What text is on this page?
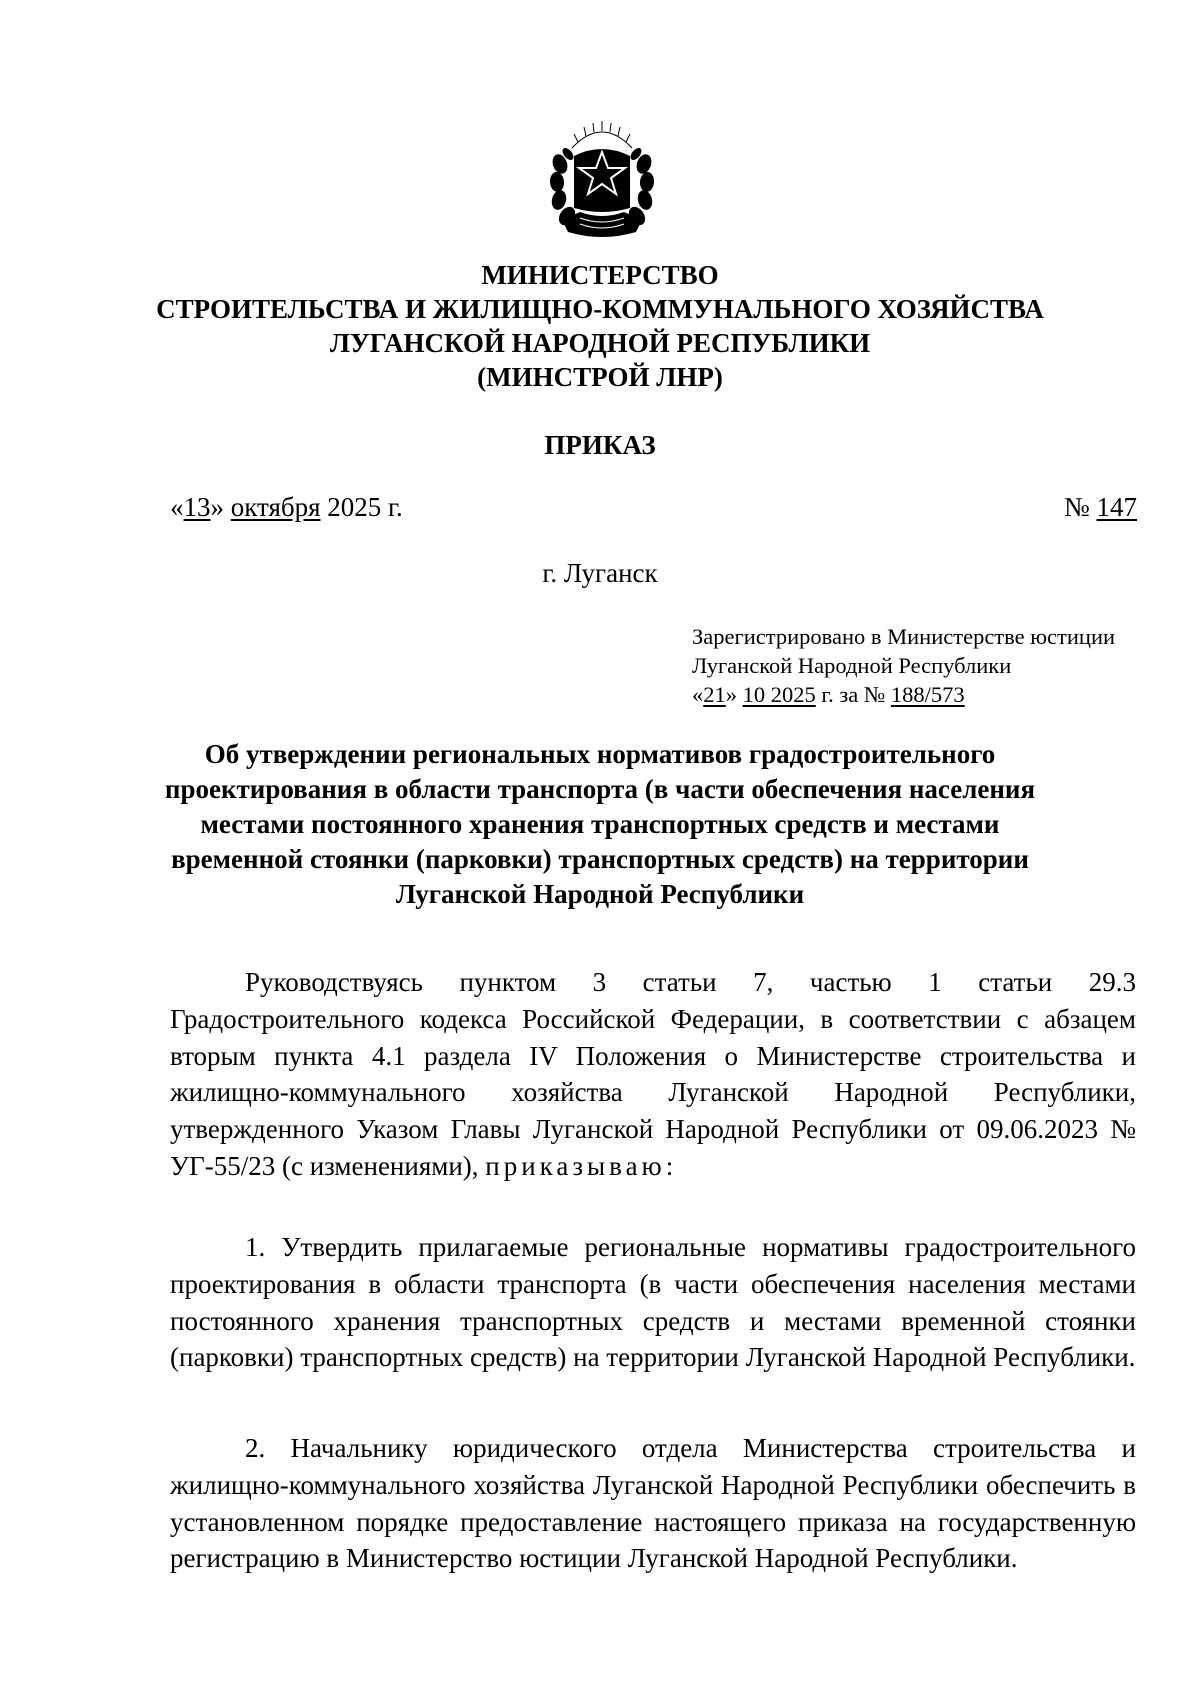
МИНИСТЕРСТВО
СТРОИТЕЛЬСТВА И ЖИЛИЩНО-КОММУНАЛЬНОГО ХОЗЯЙСТВА
ЛУГАНСКОЙ НАРОДНОЙ РЕСПУБЛИКИ
(МИНСТРОЙ ЛНР)
ПРИКАЗ
«13» октября 2025 г.	№ 147
г. Луганск
Зарегистрировано в Министерстве юстиции
Луганской Народной Республики
«21» 10 2025 г. за № 188/573
Об утверждении региональных нормативов градостроительного
проектирования в области транспорта (в части обеспечения населения
местами постоянного хранения транспортных средств и местами
временной стоянки (парковки) транспортных средств) на территории
Луганской Народной Республики

Руководствуясь пунктом 3 статьи 7, частью 1 статьи 29.3 Градостроительного кодекса Российской Федерации, в соответствии с абзацем вторым пункта 4.1 раздела IV Положения о Министерстве строительства и жилищно-коммунального хозяйства Луганской Народной Республики, утвержденного Указом Главы Луганской Народной Республики от 09.06.2023 № УГ-55/23 (с изменениями), приказываю:

1. Утвердить прилагаемые региональные нормативы градостроительного проектирования в области транспорта (в части обеспечения населения местами постоянного хранения транспортных средств и местами временной стоянки (парковки) транспортных средств) на территории Луганской Народной Республики.

2. Начальнику юридического отдела Министерства строительства и жилищно-коммунального хозяйства Луганской Народной Республики обеспечить в установленном порядке предоставление настоящего приказа на государственную регистрацию в Министерство юстиции Луганской Народной Республики.
